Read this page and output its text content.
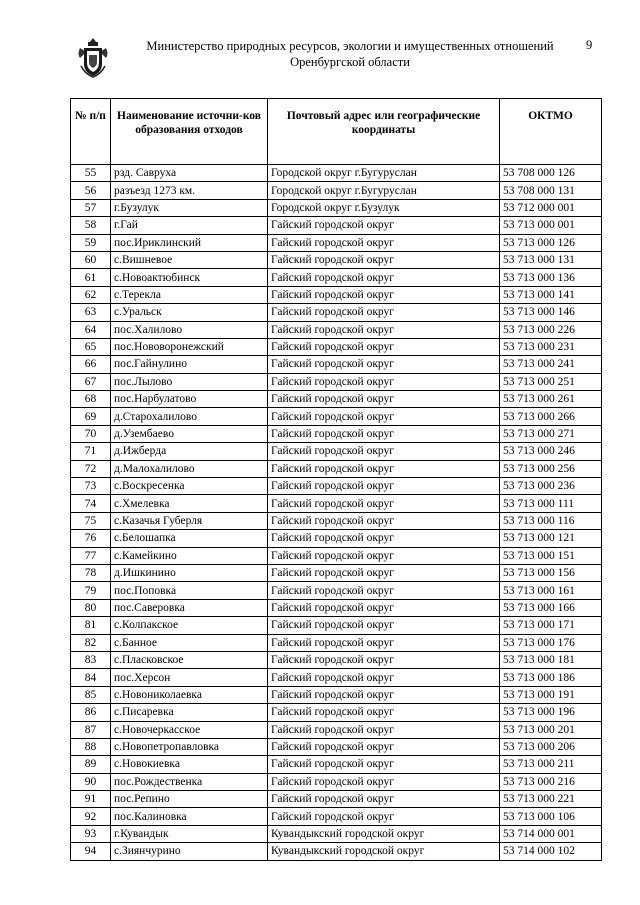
Министерство природных ресурсов, экологии и имущественных отношений
Оренбургской области
9
№ п/п	Наименование источни-ков образования отходов	Почтовый адрес или географические координаты	ОКТМО
55	рзд. Савруха	Городской округ г.Бугуруслан	53 708 000 126
56	разъезд 1273 км.	Городской округ г.Бугуруслан	53 708 000 131
57	г.Бузулук	Городской округ г.Бузулук	53 712 000 001
58	г.Гай	Гайский городской округ	53 713 000 001
59	пос.Ириклинский	Гайский городской округ	53 713 000 126
60	с.Вишневое	Гайский городской округ	53 713 000 131
61	с.Новоактюбинск	Гайский городской округ	53 713 000 136
62	с.Терекла	Гайский городской округ	53 713 000 141
63	с.Уральск	Гайский городской округ	53 713 000 146
64	пос.Халилово	Гайский городской округ	53 713 000 226
65	пос.Нововоронежский	Гайский городской округ	53 713 000 231
66	пос.Гайнулино	Гайский городской округ	53 713 000 241
67	пос.Лылово	Гайский городской округ	53 713 000 251
68	пос.Нарбулатово	Гайский городской округ	53 713 000 261
69	д.Старохалилово	Гайский городской округ	53 713 000 266
70	д.Узембаево	Гайский городской округ	53 713 000 271
71	д.Ижберда	Гайский городской округ	53 713 000 246
72	д.Малохалилово	Гайский городской округ	53 713 000 256
73	с.Воскресенка	Гайский городской округ	53 713 000 236
74	с.Хмелевка	Гайский городской округ	53 713 000 111
75	с.Казачья Губерля	Гайский городской округ	53 713 000 116
76	с.Белошапка	Гайский городской округ	53 713 000 121
77	с.Камейкино	Гайский городской округ	53 713 000 151
78	д.Ишкинино	Гайский городской округ	53 713 000 156
79	пос.Поповка	Гайский городской округ	53 713 000 161
80	пос.Саверовка	Гайский городской округ	53 713 000 166
81	с.Колпакское	Гайский городской округ	53 713 000 171
82	с.Банное	Гайский городской округ	53 713 000 176
83	с.Пласковское	Гайский городской округ	53 713 000 181
84	пос.Херсон	Гайский городской округ	53 713 000 186
85	с.Новониколаевка	Гайский городской округ	53 713 000 191
86	с.Писаревка	Гайский городской округ	53 713 000 196
87	с.Новочеркасское	Гайский городской округ	53 713 000 201
88	с.Новопетропавловка	Гайский городской округ	53 713 000 206
89	с.Новокиевка	Гайский городской округ	53 713 000 211
90	пос.Рождественка	Гайский городской округ	53 713 000 216
91	пос.Репино	Гайский городской округ	53 713 000 221
92	пос.Калиновка	Гайский городской округ	53 713 000 106
93	г.Кувандык	Кувандыкский городской округ	53 714 000 001
94	с.Зиянчурино	Кувандыкский городской округ	53 714 000 102
